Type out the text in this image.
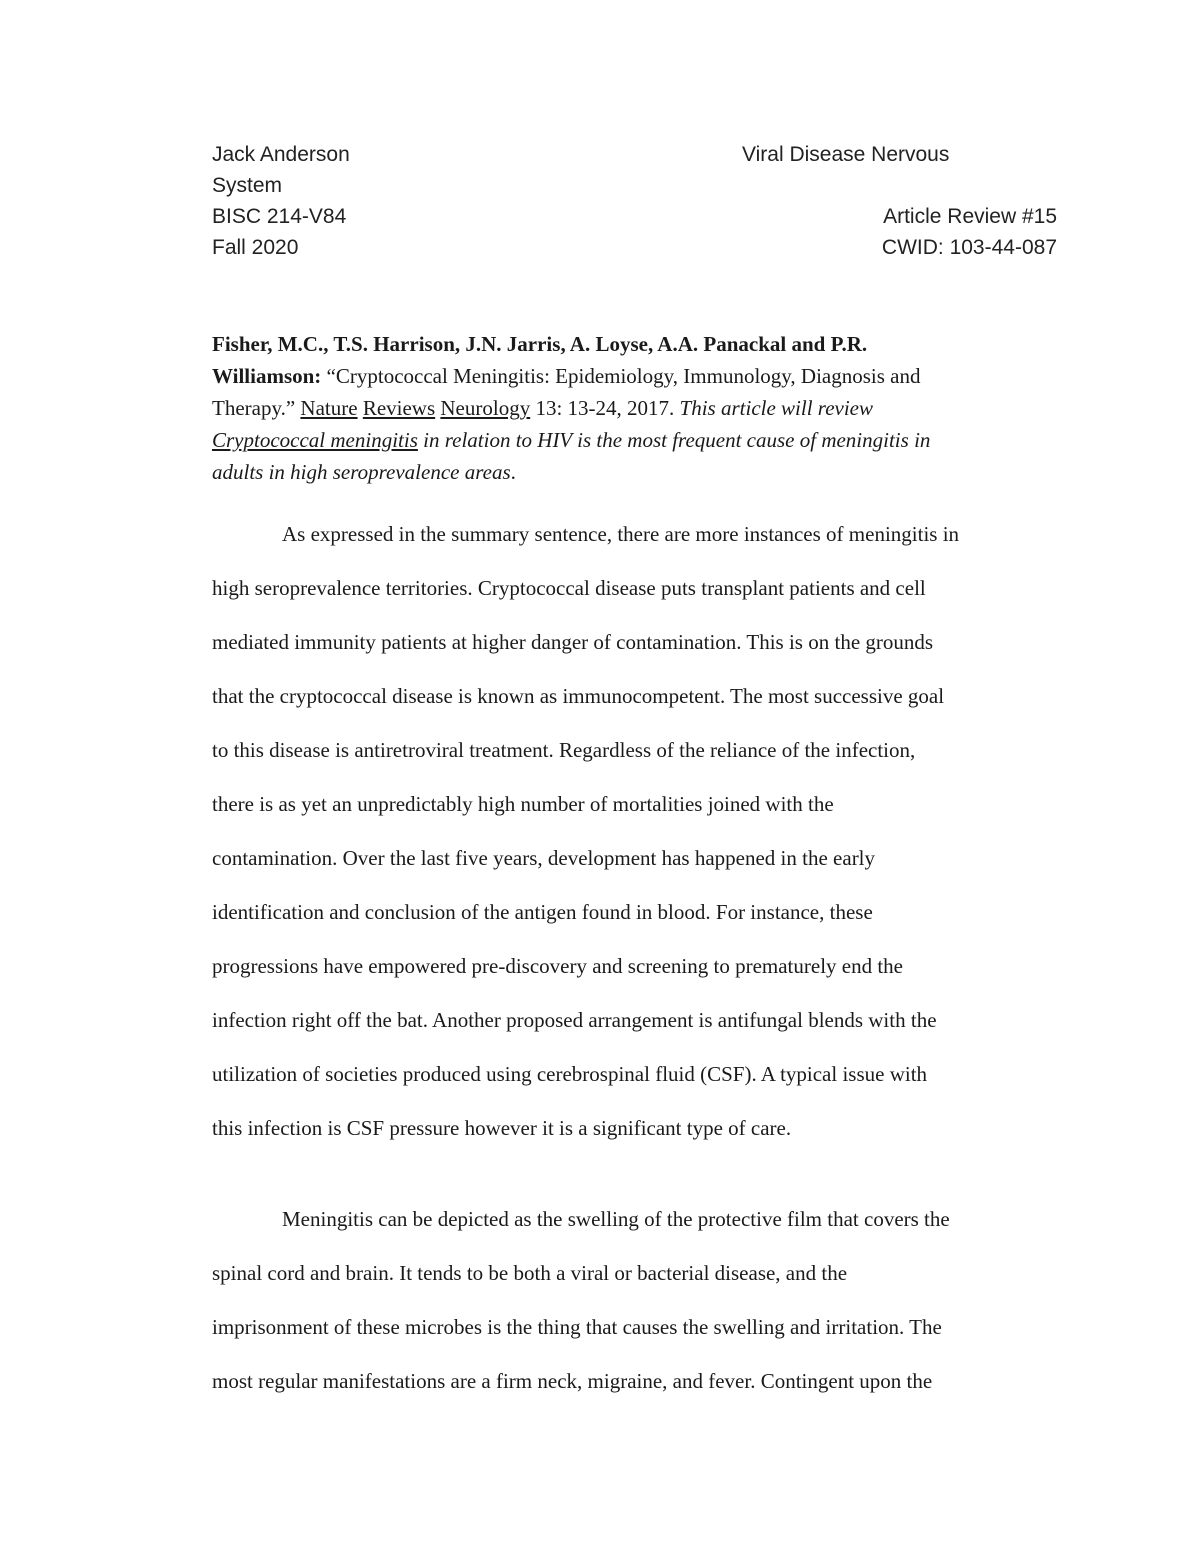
Jack Anderson	Viral Disease Nervous
System
BISC 214-V84	Article Review #15
Fall 2020	CWID: 103-44-087
Fisher, M.C., T.S. Harrison, J.N. Jarris, A. Loyse, A.A. Panackal and P.R.
Williamson: “Cryptococcal Meningitis: Epidemiology, Immunology, Diagnosis and
Therapy.” Nature Reviews Neurology 13: 13-24, 2017. This article will review
Cryptococcal meningitis in relation to HIV is the most frequent cause of meningitis in
adults in high seroprevalence areas.
As expressed in the summary sentence, there are more instances of meningitis in
high seroprevalence territories. Cryptococcal disease puts transplant patients and cell
mediated immunity patients at higher danger of contamination. This is on the grounds
that the cryptococcal disease is known as immunocompetent. The most successive goal
to this disease is antiretroviral treatment. Regardless of the reliance of the infection,
there is as yet an unpredictably high number of mortalities joined with the
contamination. Over the last five years, development has happened in the early
identification and conclusion of the antigen found in blood. For instance, these
progressions have empowered pre-discovery and screening to prematurely end the
infection right off the bat. Another proposed arrangement is antifungal blends with the
utilization of societies produced using cerebrospinal fluid (CSF). A typical issue with
this infection is CSF pressure however it is a significant type of care.
Meningitis can be depicted as the swelling of the protective film that covers the
spinal cord and brain. It tends to be both a viral or bacterial disease, and the
imprisonment of these microbes is the thing that causes the swelling and irritation. The
most regular manifestations are a firm neck, migraine, and fever. Contingent upon the
